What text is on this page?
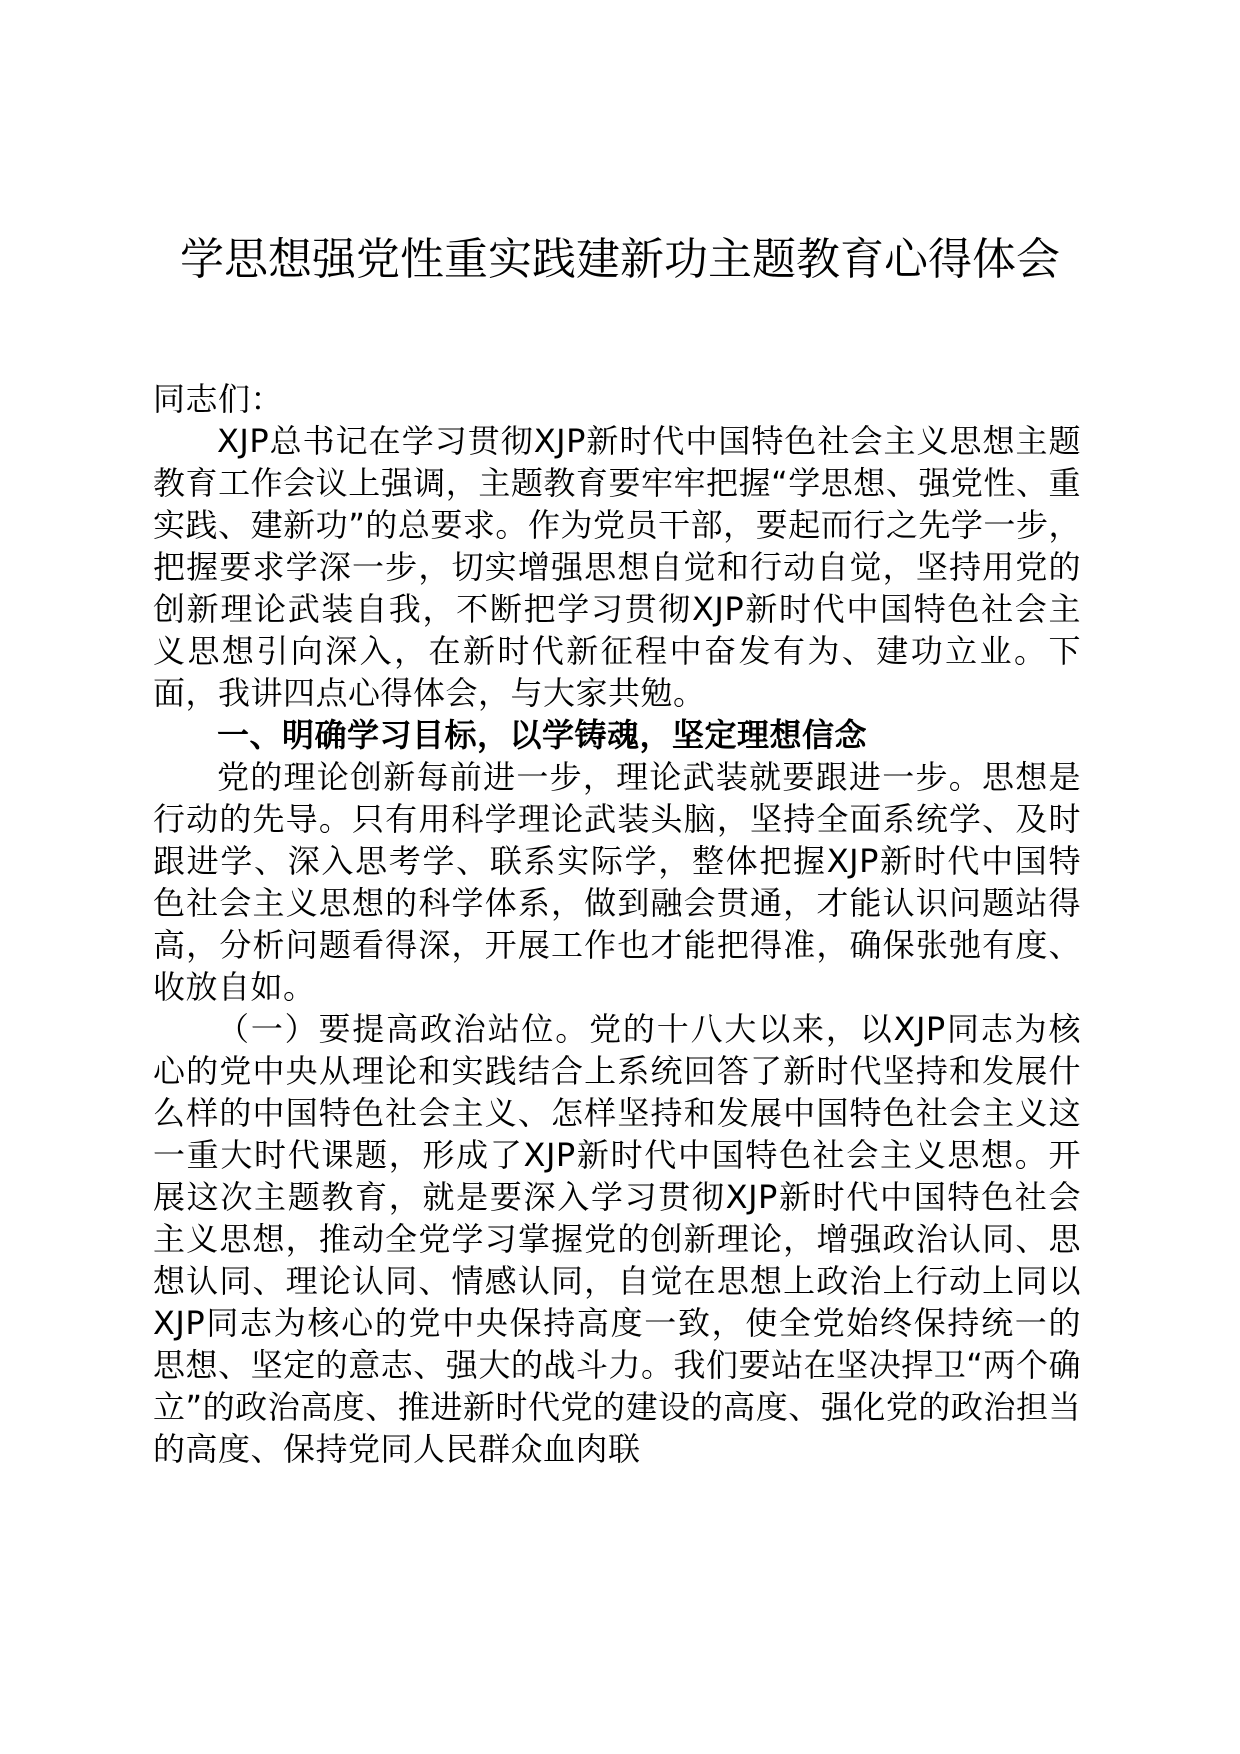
学思想强党性重实践建新功主题教育心得体会

同志们：

XJP总书记在学习贯彻XJP新时代中国特色社会主义思想主题教育工作会议上强调，主题教育要牢牢把握“学思想、强党性、重实践、建新功”的总要求。作为党员干部，要起而行之先学一步，把握要求学深一步，切实增强思想自觉和行动自觉，坚持用党的创新理论武装自我，不断把学习贯彻XJP新时代中国特色社会主义思想引向深入，在新时代新征程中奋发有为、建功立业。下面，我讲四点心得体会，与大家共勉。

一、明确学习目标，以学铸魂，坚定理想信念

党的理论创新每前进一步，理论武装就要跟进一步。思想是行动的先导。只有用科学理论武装头脑，坚持全面系统学、及时跟进学、深入思考学、联系实际学，整体把握XJP新时代中国特色社会主义思想的科学体系，做到融会贯通，才能认识问题站得高，分析问题看得深，开展工作也才能把得准，确保张弛有度、收放自如。

（一）要提高政治站位。党的十八大以来，以XJP同志为核心的党中央从理论和实践结合上系统回答了新时代坚持和发展什么样的中国特色社会主义、怎样坚持和发展中国特色社会主义这一重大时代课题，形成了XJP新时代中国特色社会主义思想。开展这次主题教育，就是要深入学习贯彻XJP新时代中国特色社会主义思想，推动全党学习掌握党的创新理论，增强政治认同、思想认同、理论认同、情感认同，自觉在思想上政治上行动上同以XJP同志为核心的党中央保持高度一致，使全党始终保持统一的思想、坚定的意志、强大的战斗力。我们要站在坚决捍卫“两个确立”的政治高度、推进新时代党的建设的高度、强化党的政治担当的高度、保持党同人民群众血肉联
